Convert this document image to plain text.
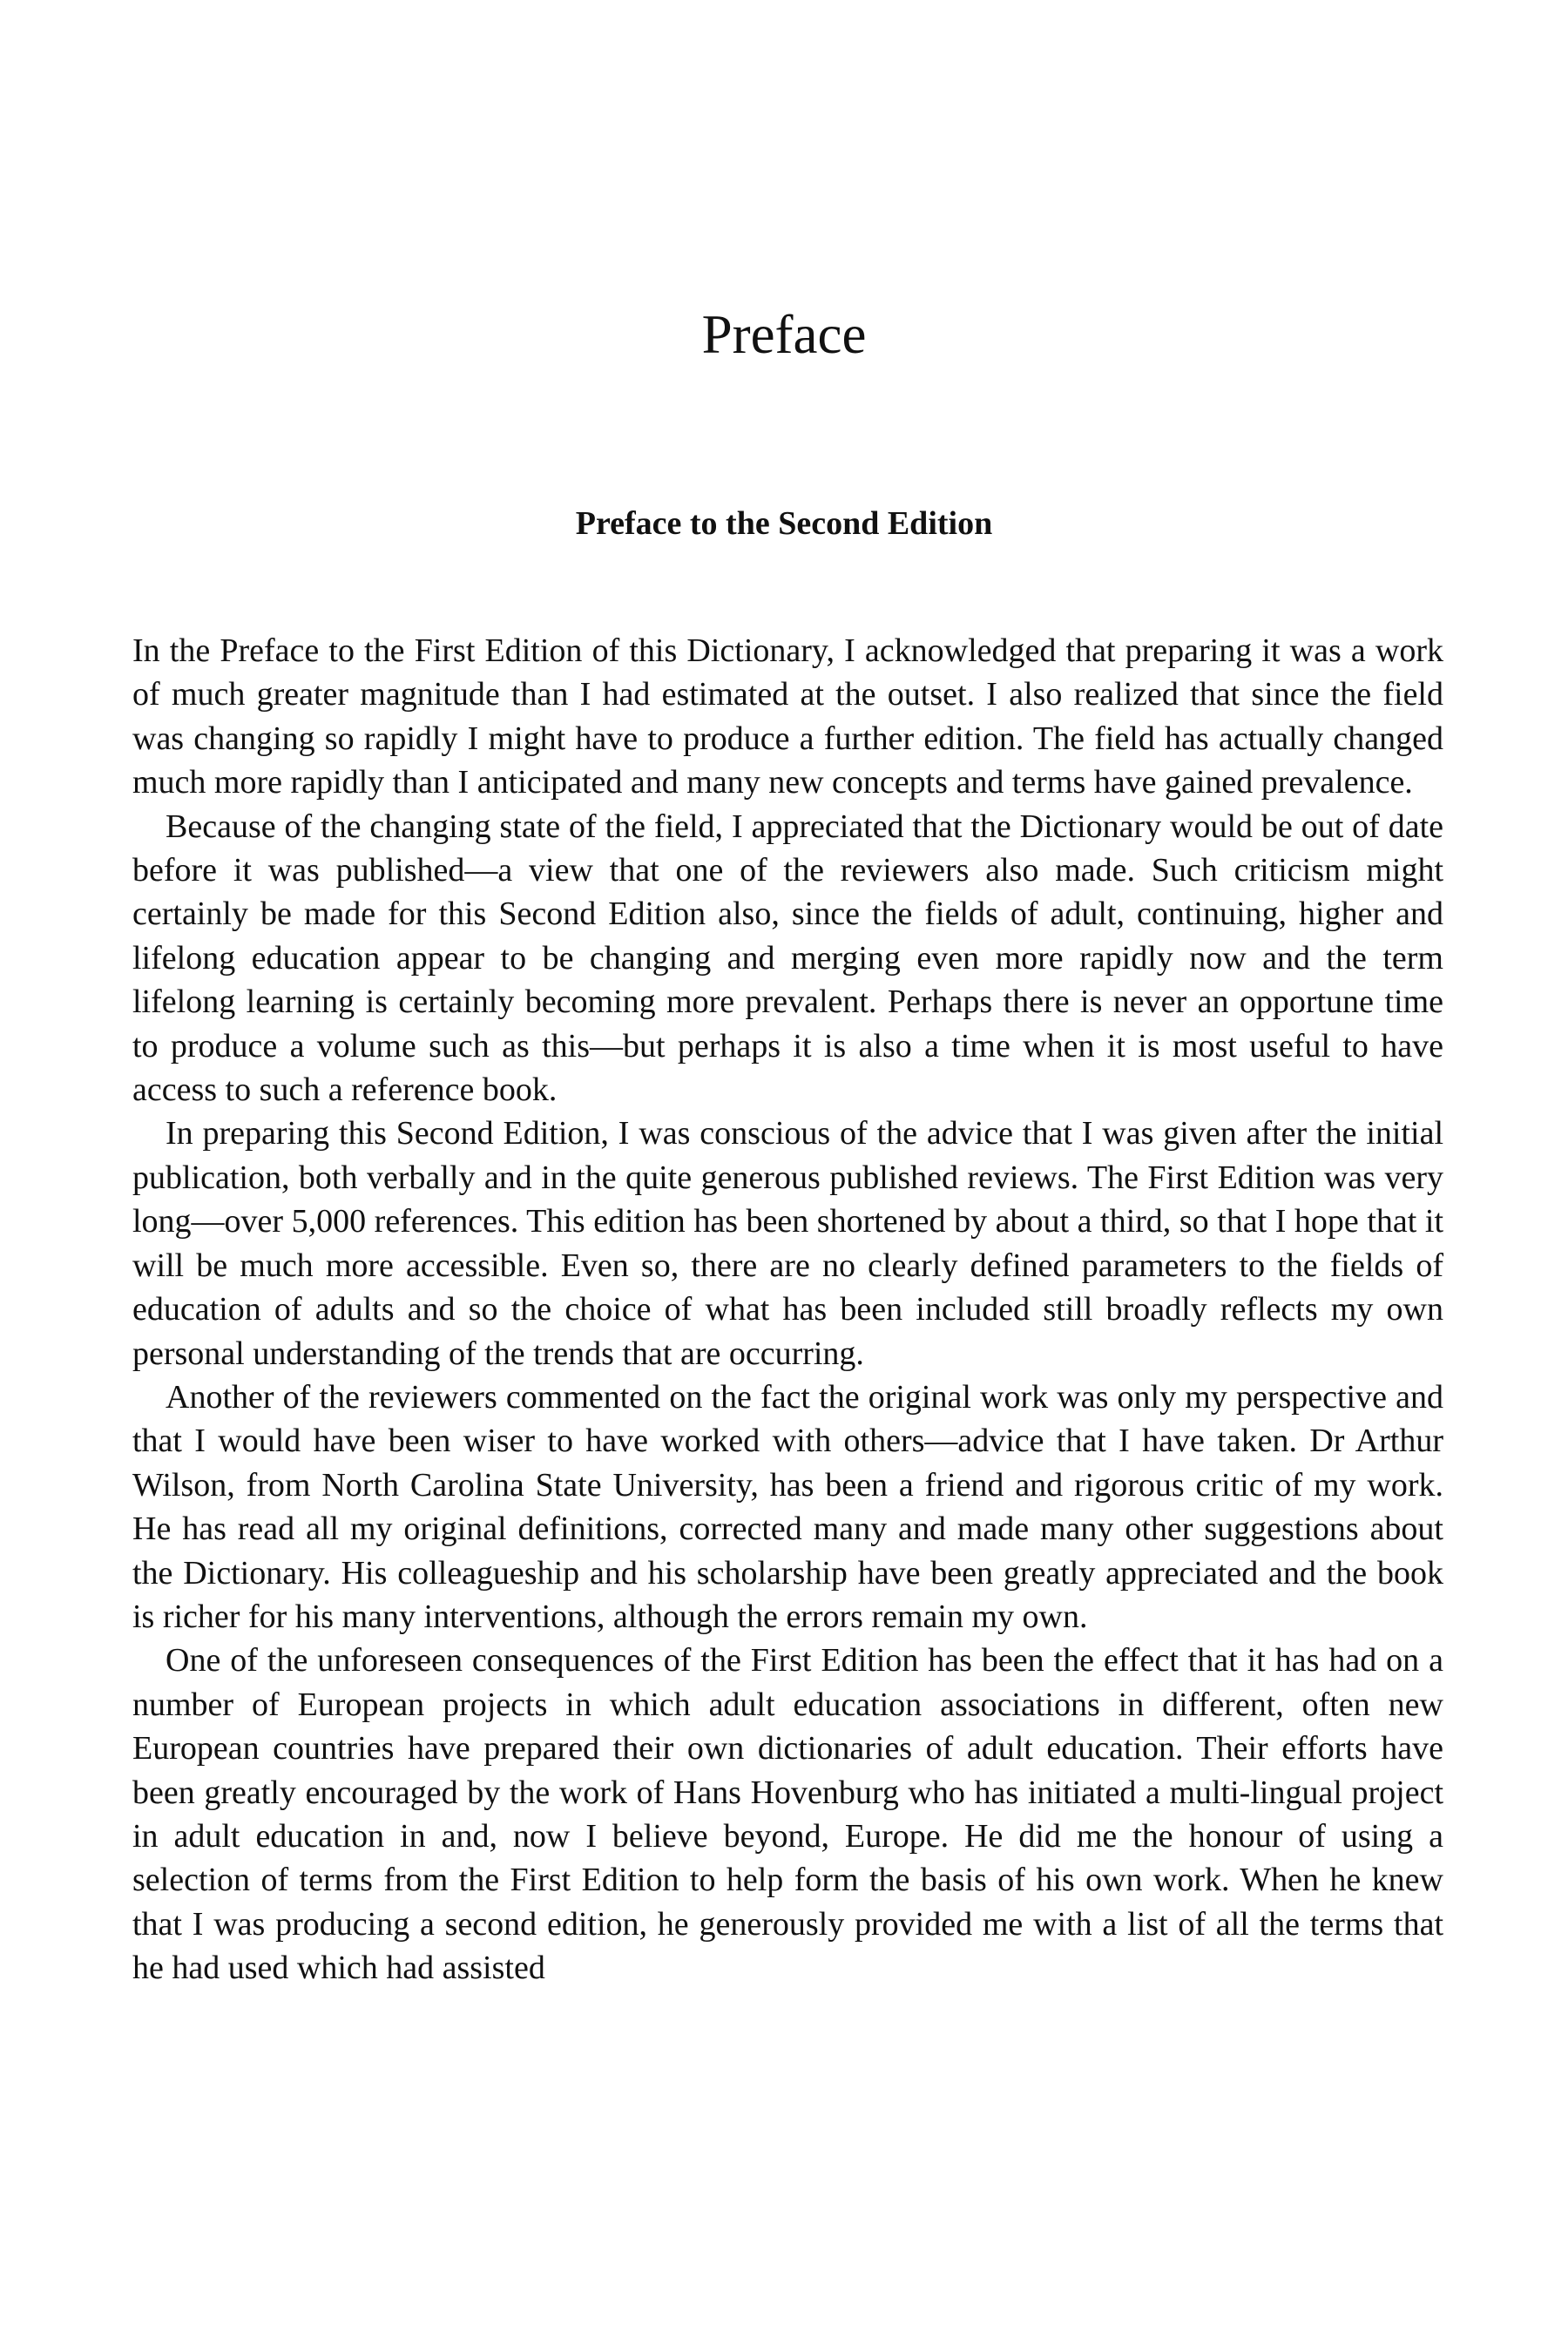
Preface
Preface to the Second Edition

In the Preface to the First Edition of this Dictionary, I acknowledged that preparing it was a work of much greater magnitude than I had estimated at the outset. I also realized that since the field was changing so rapidly I might have to produce a further edition. The field has actually changed much more rapidly than I anticipated and many new concepts and terms have gained prevalence.

Because of the changing state of the field, I appreciated that the Dictionary would be out of date before it was published—a view that one of the reviewers also made. Such criticism might certainly be made for this Second Edition also, since the fields of adult, continuing, higher and lifelong education appear to be changing and merging even more rapidly now and the term lifelong learning is certainly becoming more prevalent. Perhaps there is never an opportune time to produce a volume such as this—but perhaps it is also a time when it is most useful to have access to such a reference book.

In preparing this Second Edition, I was conscious of the advice that I was given after the initial publication, both verbally and in the quite generous published reviews. The First Edition was very long—over 5,000 references. This edition has been shortened by about a third, so that I hope that it will be much more accessible. Even so, there are no clearly defined parameters to the fields of education of adults and so the choice of what has been included still broadly reflects my own personal understanding of the trends that are occurring.

Another of the reviewers commented on the fact the original work was only my perspective and that I would have been wiser to have worked with others—advice that I have taken. Dr Arthur Wilson, from North Carolina State University, has been a friend and rigorous critic of my work. He has read all my original definitions, corrected many and made many other suggestions about the Dictionary. His colleagueship and his scholarship have been greatly appreciated and the book is richer for his many interventions, although the errors remain my own.

One of the unforeseen consequences of the First Edition has been the effect that it has had on a number of European projects in which adult education associations in different, often new European countries have prepared their own dictionaries of adult education. Their efforts have been greatly encouraged by the work of Hans Hovenburg who has initiated a multi-lingual project in adult education in and, now I believe beyond, Europe. He did me the honour of using a selection of terms from the First Edition to help form the basis of his own work. When he knew that I was producing a second edition, he generously provided me with a list of all the terms that he had used which had assisted
